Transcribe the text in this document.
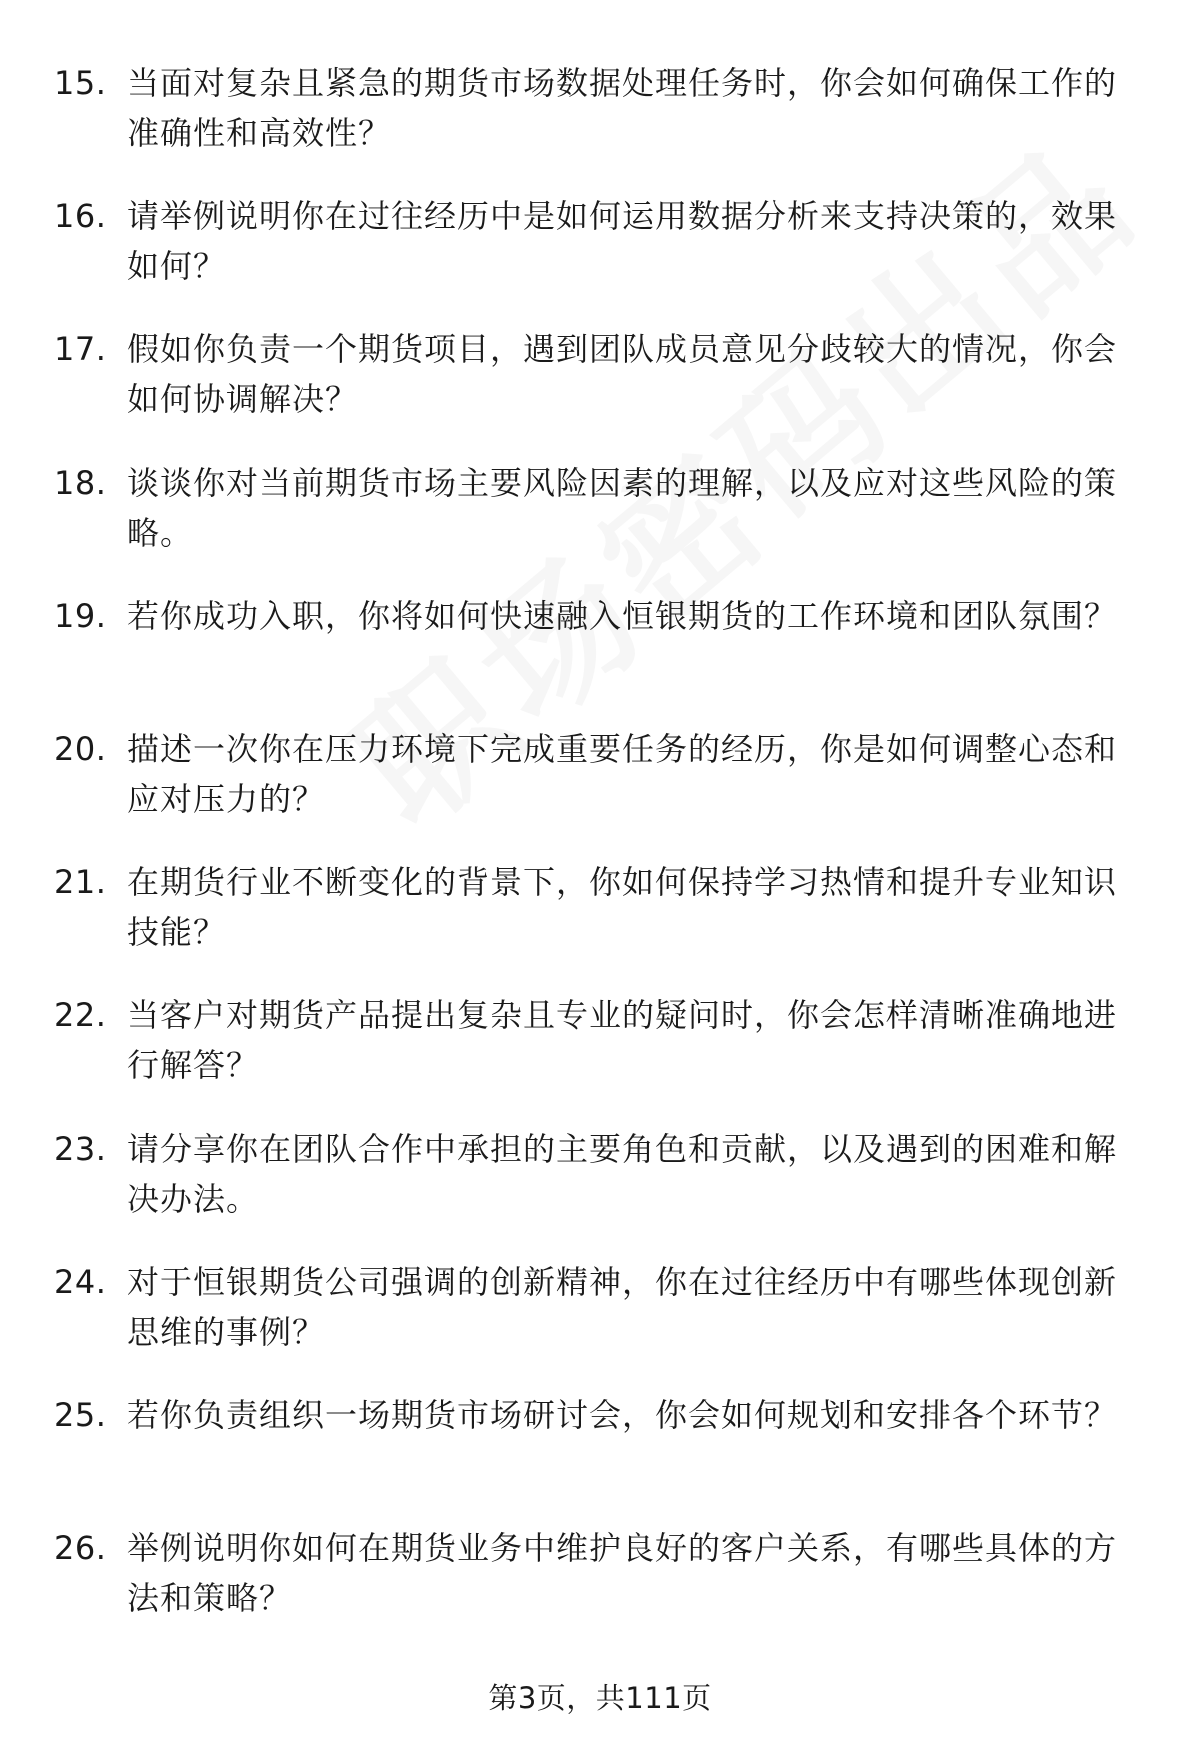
15. 当面对复杂且紧急的期货市场数据处理任务时，你会如何确保工作的准确性和高效性？
16. 请举例说明你在过往经历中是如何运用数据分析来支持决策的，效果如何？
17. 假如你负责一个期货项目，遇到团队成员意见分歧较大的情况，你会如何协调解决？
18. 谈谈你对当前期货市场主要风险因素的理解，以及应对这些风险的策略。
19. 若你成功入职，你将如何快速融入恒银期货的工作环境和团队氛围？
20. 描述一次你在压力环境下完成重要任务的经历，你是如何调整心态和应对压力的？
21. 在期货行业不断变化的背景下，你如何保持学习热情和提升专业知识技能？
22. 当客户对期货产品提出复杂且专业的疑问时，你会怎样清晰准确地进行解答？
23. 请分享你在团队合作中承担的主要角色和贡献，以及遇到的困难和解决办法。
24. 对于恒银期货公司强调的创新精神，你在过往经历中有哪些体现创新思维的事例？
25. 若你负责组织一场期货市场研讨会，你会如何规划和安排各个环节？
26. 举例说明你如何在期货业务中维护良好的客户关系，有哪些具体的方法和策略？
第3页，共111页
